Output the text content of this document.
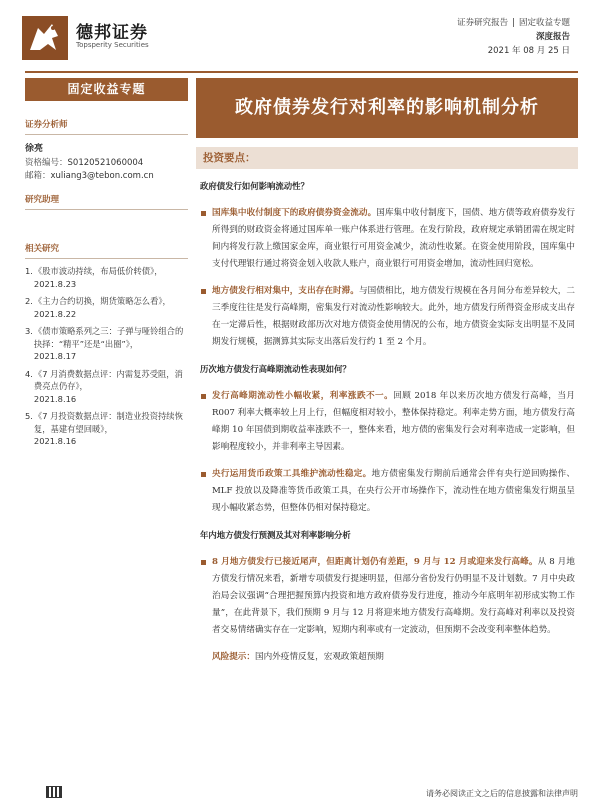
德邦证券
Topsperity Securities
证券研究报告 | 固定收益专题
深度报告
2021 年 08 月 25 日
固定收益专题
政府债券发行对利率的影响机制分析
证券分析师
徐亮
资格编号：S0120521060004
邮箱：xuliang3@tebon.com.cn
研究助理
相关研究
1. 《股市波动持续，布局低价转债》，
2021.8.23
2. 《主力合约切换，期货策略怎么看》，
2021.8.22
3. 《债市策略系列之三：子弹与哑铃组合的抉择：“精平”还是“出圈”》，
2021.8.17
4. 《7 月消费数据点评：内需复苏受阻，消费亮点仍存》，
2021.8.16
5. 《7 月投资数据点评：制造业投资持续恢复，基建有望回暖》，
2021.8.16
投资要点：
政府债发行如何影响流动性？
国库集中收付制度下的政府债券资金流动。国库集中收付制度下，国债、地方债等政府债券发行所得到的财政资金将通过国库单一账户体系进行管理。在发行阶段，政府规定承销团需在规定时间内将发行款上缴国家金库，商业银行可用资金减少，流动性收紧。在资金使用阶段，国库集中支付代理银行通过将资金划入收款人账户，商业银行可用资金增加，流动性回归宽松。
地方债发行相对集中，支出存在时滞。与国债相比，地方债发行规模在各月间分布差异较大，二三季度往往是发行高峰期，密集发行对流动性影响较大。此外，地方债发行所得资金形成支出存在一定滞后性，根据财政部历次对地方债资金使用情况的公布，地方债资金实际支出明显不及同期发行规模，据测算其实际支出落后发行约 1 至 2 个月。
历次地方债发行高峰期流动性表现如何？
发行高峰期流动性小幅收紧，利率涨跌不一。回顾 2018 年以来历次地方债发行高峰，当月 R007 利率大概率较上月上行，但幅度相对较小，整体保持稳定。利率走势方面，地方债发行高峰期 10 年国债到期收益率涨跌不一，整体来看，地方债的密集发行会对利率造成一定影响，但影响程度较小，并非利率主导因素。
央行运用货币政策工具维护流动性稳定。地方债密集发行期前后通常会伴有央行逆回购操作、MLF 投放以及降准等货币政策工具，在央行公开市场操作下，流动性在地方债密集发行期虽呈现小幅收紧态势，但整体仍相对保持稳定。
年内地方债发行预测及其对利率影响分析
8 月地方债发行已接近尾声，但距离计划仍有差距，9 月与 12 月或迎来发行高峰。从 8 月地方债发行情况来看，新增专项债发行提速明显，但部分省份发行仍明显不及计划数。7 月中央政治局会议强调“合理把握预算内投资和地方政府债券发行进度，推动今年底明年初形成实物工作量”，在此背景下，我们预期 9 月与 12 月将迎来地方债发行高峰期。发行高峰对利率以及投资者交易情绪确实存在一定影响，短期内利率或有一定波动，但预期不会改变利率整体趋势。
风险提示：国内外疫情反复，宏观政策超预期
请务必阅读正文之后的信息披露和法律声明
